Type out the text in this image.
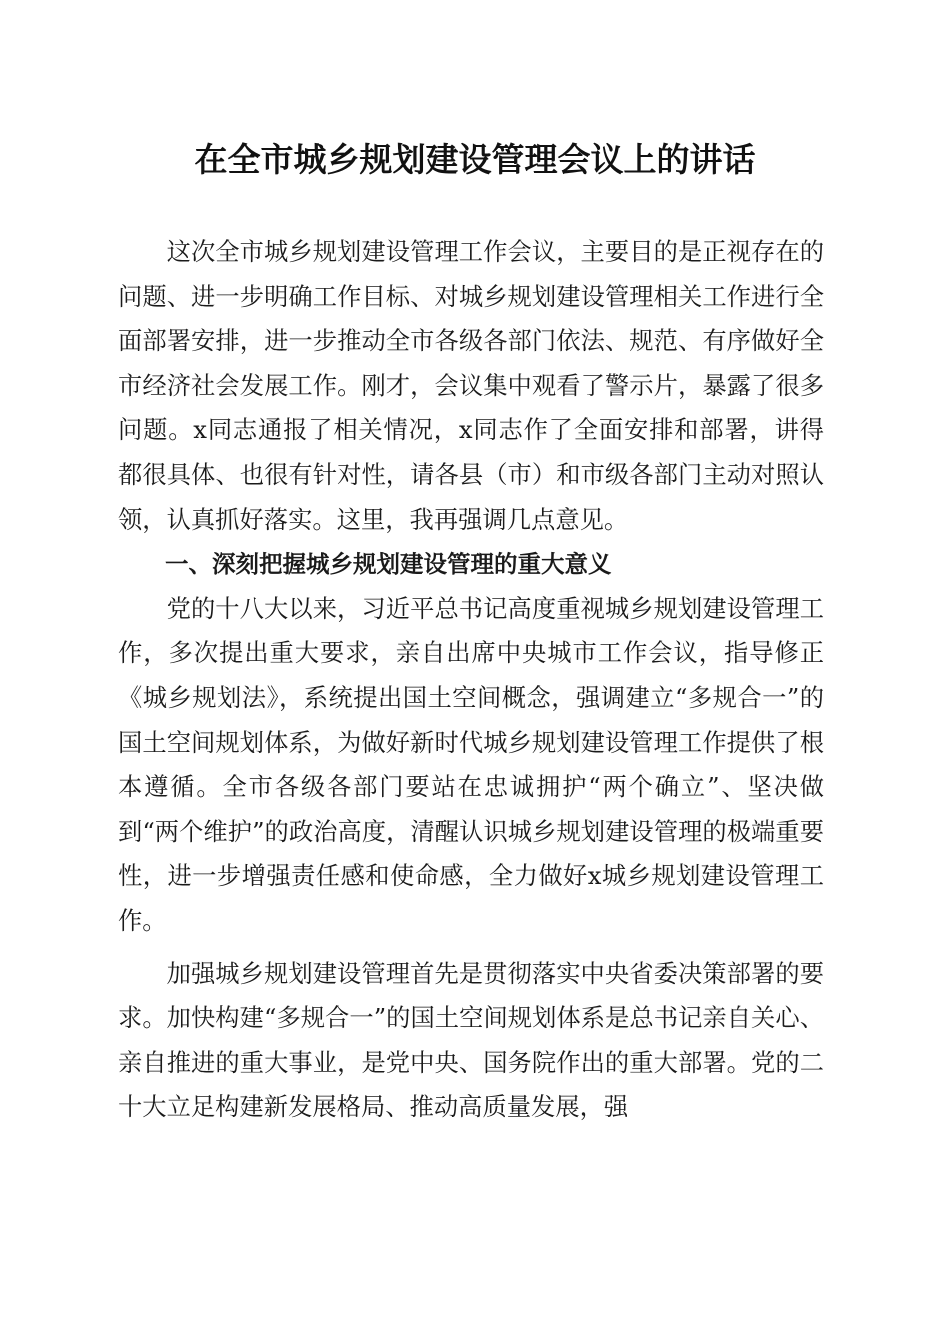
在全市城乡规划建设管理会议上的讲话

这次全市城乡规划建设管理工作会议，主要目的是正视存在的问题、进一步明确工作目标、对城乡规划建设管理相关工作进行全面部署安排，进一步推动全市各级各部门依法、规范、有序做好全市经济社会发展工作。刚才，会议集中观看了警示片，暴露了很多问题。x同志通报了相关情况，x同志作了全面安排和部署，讲得都很具体、也很有针对性，请各县（市）和市级各部门主动对照认领，认真抓好落实。这里，我再强调几点意见。

一、深刻把握城乡规划建设管理的重大意义

党的十八大以来，习近平总书记高度重视城乡规划建设管理工作，多次提出重大要求，亲自出席中央城市工作会议，指导修正《城乡规划法》，系统提出国土空间概念，强调建立“多规合一”的国土空间规划体系，为做好新时代城乡规划建设管理工作提供了根本遵循。全市各级各部门要站在忠诚拥护“两个确立”、坚决做到“两个维护”的政治高度，清醒认识城乡规划建设管理的极端重要性，进一步增强责任感和使命感，全力做好x城乡规划建设管理工作。

加强城乡规划建设管理首先是贯彻落实中央省委决策部署的要求。加快构建“多规合一”的国土空间规划体系是总书记亲自关心、亲自推进的重大事业，是党中央、国务院作出的重大部署。党的二十大立足构建新发展格局、推动高质量发展，强
